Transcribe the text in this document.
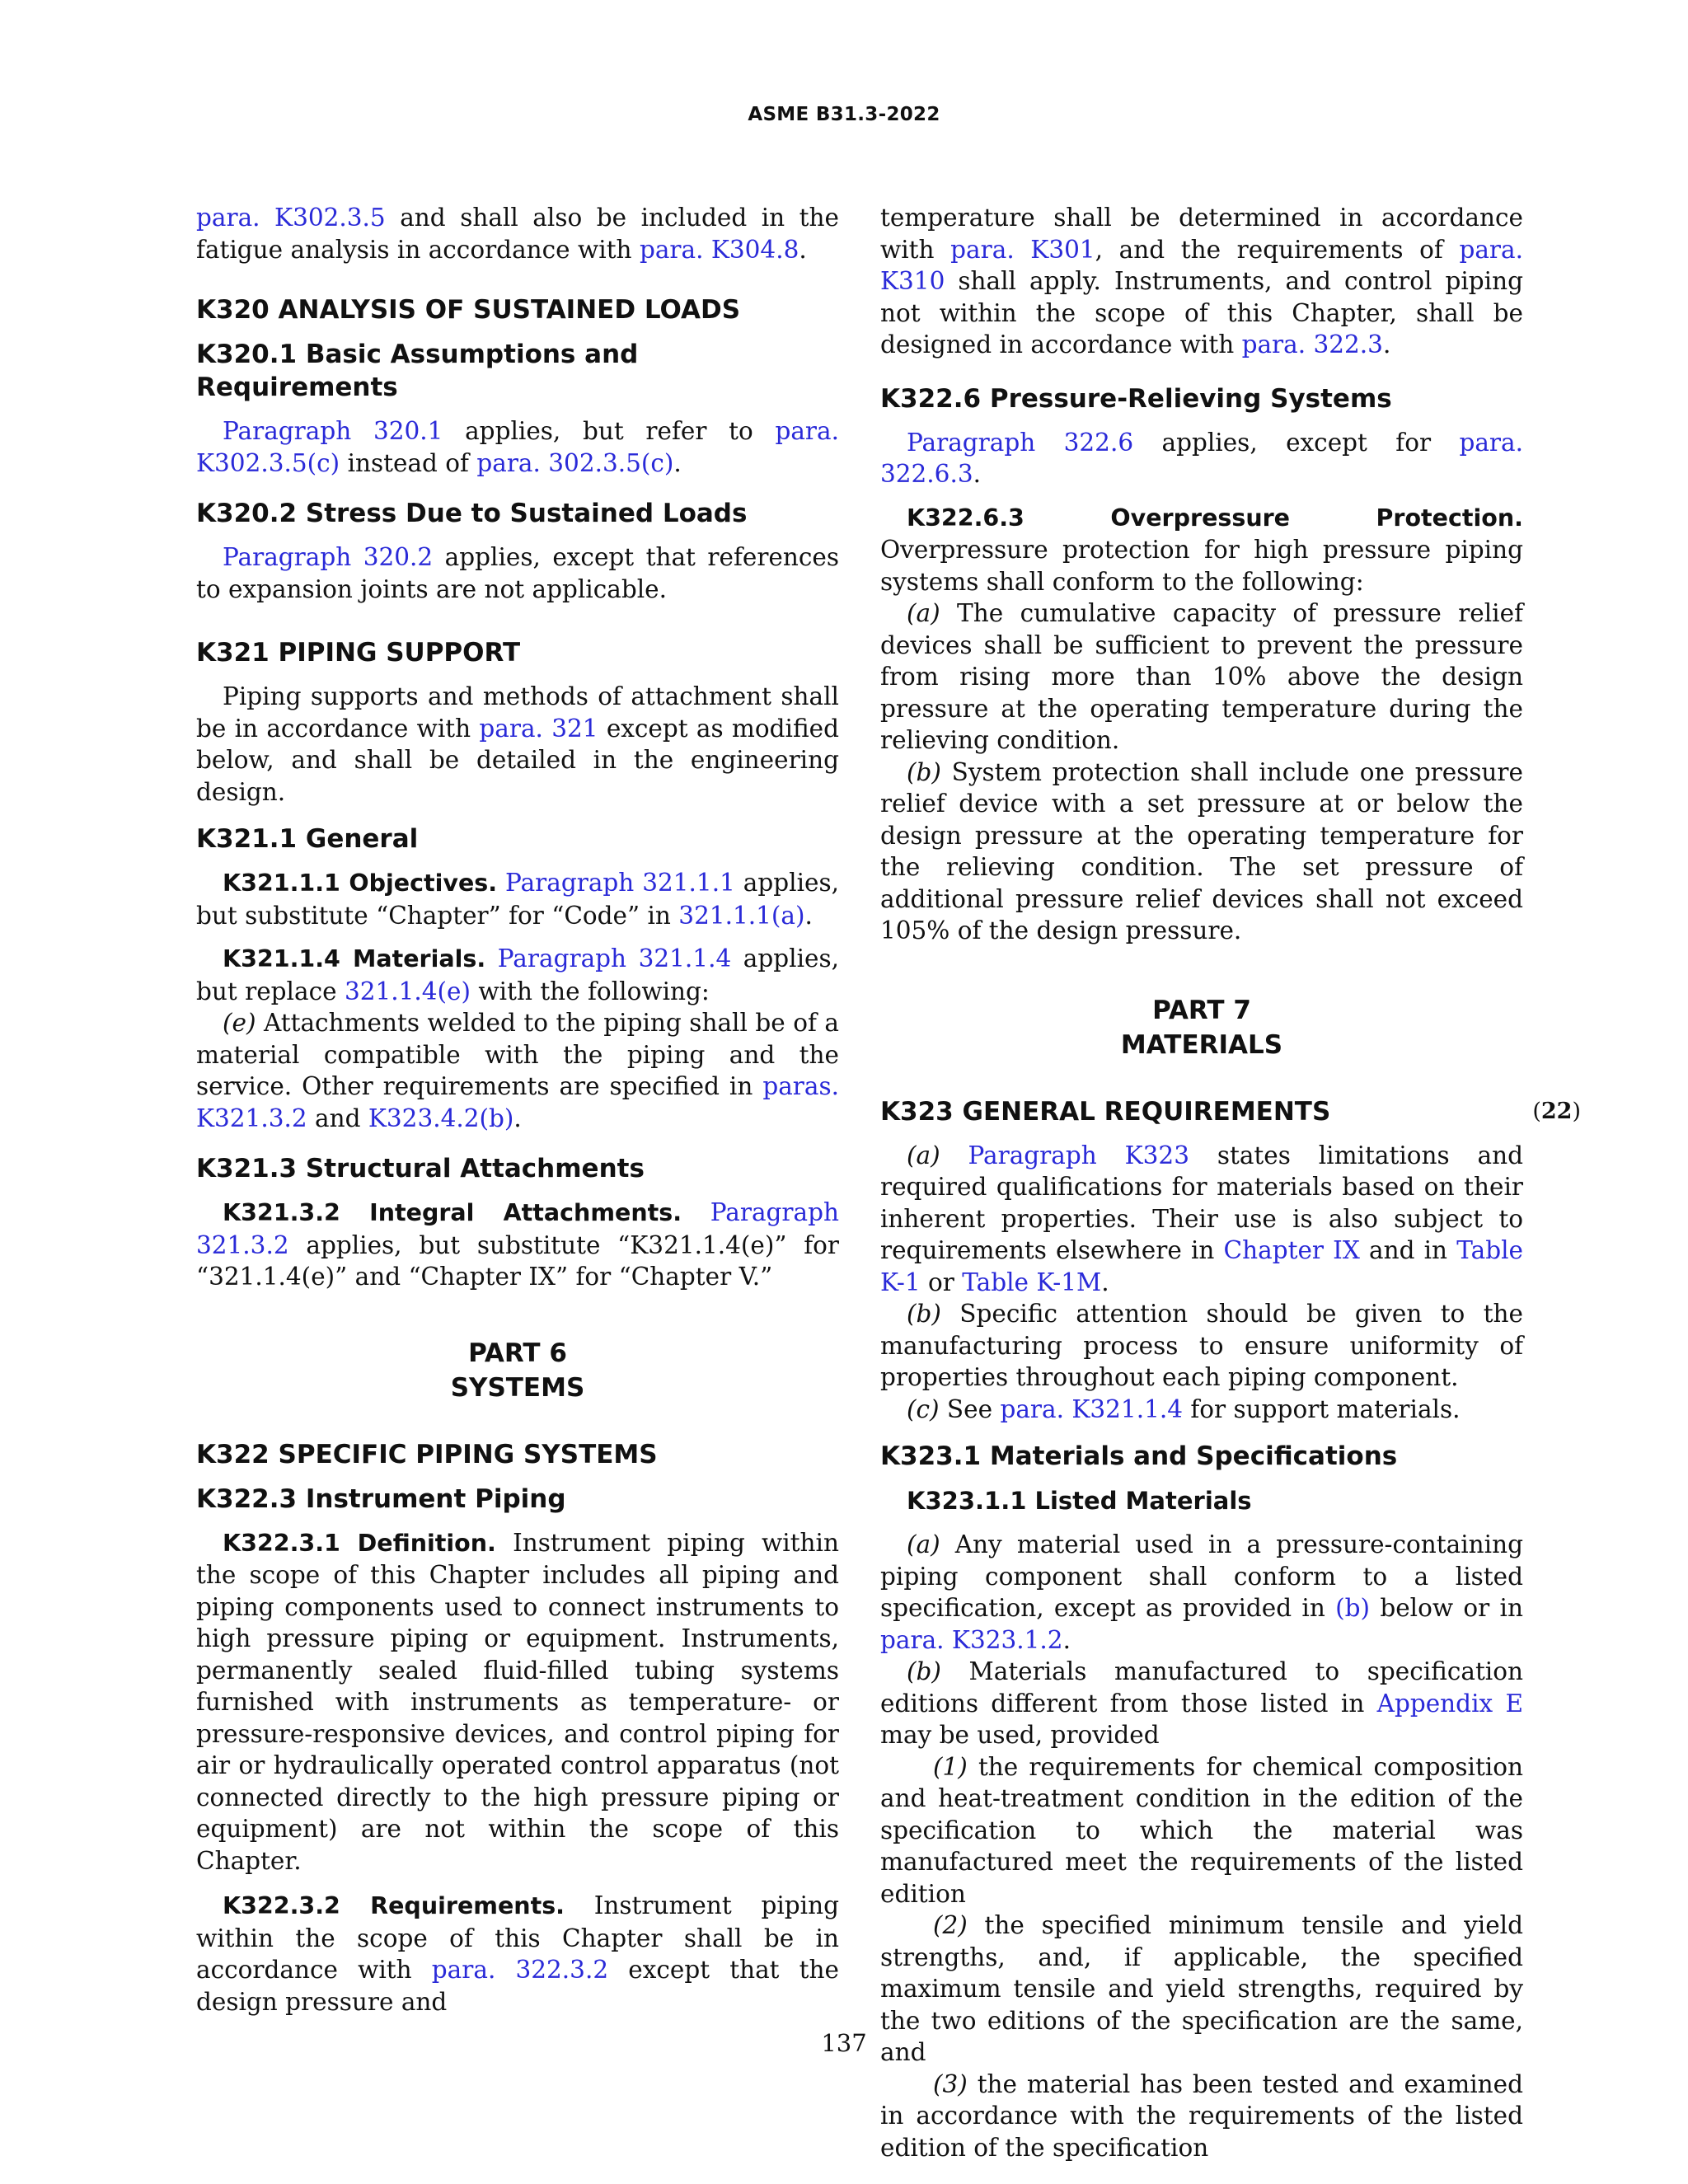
ASME B31.3-2022

para. K302.3.5 and shall also be included in the fatigue analysis in accordance with para. K304.8.

K320 ANALYSIS OF SUSTAINED LOADS
K320.1 Basic Assumptions and Requirements

Paragraph 320.1 applies, but refer to para. K302.3.5(c) instead of para. 302.3.5(c).

K320.2 Stress Due to Sustained Loads

Paragraph 320.2 applies, except that references to expansion joints are not applicable.

K321 PIPING SUPPORT

Piping supports and methods of attachment shall be in accordance with para. 321 except as modified below, and shall be detailed in the engineering design.

K321.1 General

K321.1.1 Objectives. Paragraph 321.1.1 applies, but substitute “Chapter” for “Code” in 321.1.1(a).

K321.1.4 Materials. Paragraph 321.1.4 applies, but replace 321.1.4(e) with the following:

(e) Attachments welded to the piping shall be of a material compatible with the piping and the service. Other requirements are specified in paras. K321.3.2 and K323.4.2(b).

K321.3 Structural Attachments

K321.3.2 Integral Attachments. Paragraph 321.3.2 applies, but substitute “K321.1.4(e)” for “321.1.4(e)” and “Chapter IX” for “Chapter V.”

PART 6
SYSTEMS
K322 SPECIFIC PIPING SYSTEMS
K322.3 Instrument Piping

K322.3.1 Definition. Instrument piping within the scope of this Chapter includes all piping and piping components used to connect instruments to high pressure piping or equipment. Instruments, permanently sealed fluid-filled tubing systems furnished with instruments as temperature- or pressure-responsive devices, and control piping for air or hydraulically operated control apparatus (not connected directly to the high pressure piping or equipment) are not within the scope of this Chapter.

K322.3.2 Requirements. Instrument piping within the scope of this Chapter shall be in accordance with para. 322.3.2 except that the design pressure and

temperature shall be determined in accordance with para. K301, and the requirements of para. K310 shall apply. Instruments, and control piping not within the scope of this Chapter, shall be designed in accordance with para. 322.3.

K322.6 Pressure-Relieving Systems

Paragraph 322.6 applies, except for para. 322.6.3.

K322.6.3 Overpressure Protection. Overpressure protection for high pressure piping systems shall conform to the following:

(a) The cumulative capacity of pressure relief devices shall be sufficient to prevent the pressure from rising more than 10% above the design pressure at the operating temperature during the relieving condition.

(b) System protection shall include one pressure relief device with a set pressure at or below the design pressure at the operating temperature for the relieving condition. The set pressure of additional pressure relief devices shall not exceed 105% of the design pressure.

PART 7
MATERIALS
K323 GENERAL REQUIREMENTS	(22)

(a) Paragraph K323 states limitations and required qualifications for materials based on their inherent properties. Their use is also subject to requirements elsewhere in Chapter IX and in Table K-1 or Table K-1M.

(b) Specific attention should be given to the manufacturing process to ensure uniformity of properties throughout each piping component.

(c) See para. K321.1.4 for support materials.

K323.1 Materials and Specifications
K323.1.1 Listed Materials

(a) Any material used in a pressure-containing piping component shall conform to a listed specification, except as provided in (b) below or in para. K323.1.2.

(b) Materials manufactured to specification editions different from those listed in Appendix E may be used, provided

(1) the requirements for chemical composition and heat-treatment condition in the edition of the specification to which the material was manufactured meet the requirements of the listed edition

(2) the specified minimum tensile and yield strengths, and, if applicable, the specified maximum tensile and yield strengths, required by the two editions of the specification are the same, and

(3) the material has been tested and examined in accordance with the requirements of the listed edition of the specification

137
